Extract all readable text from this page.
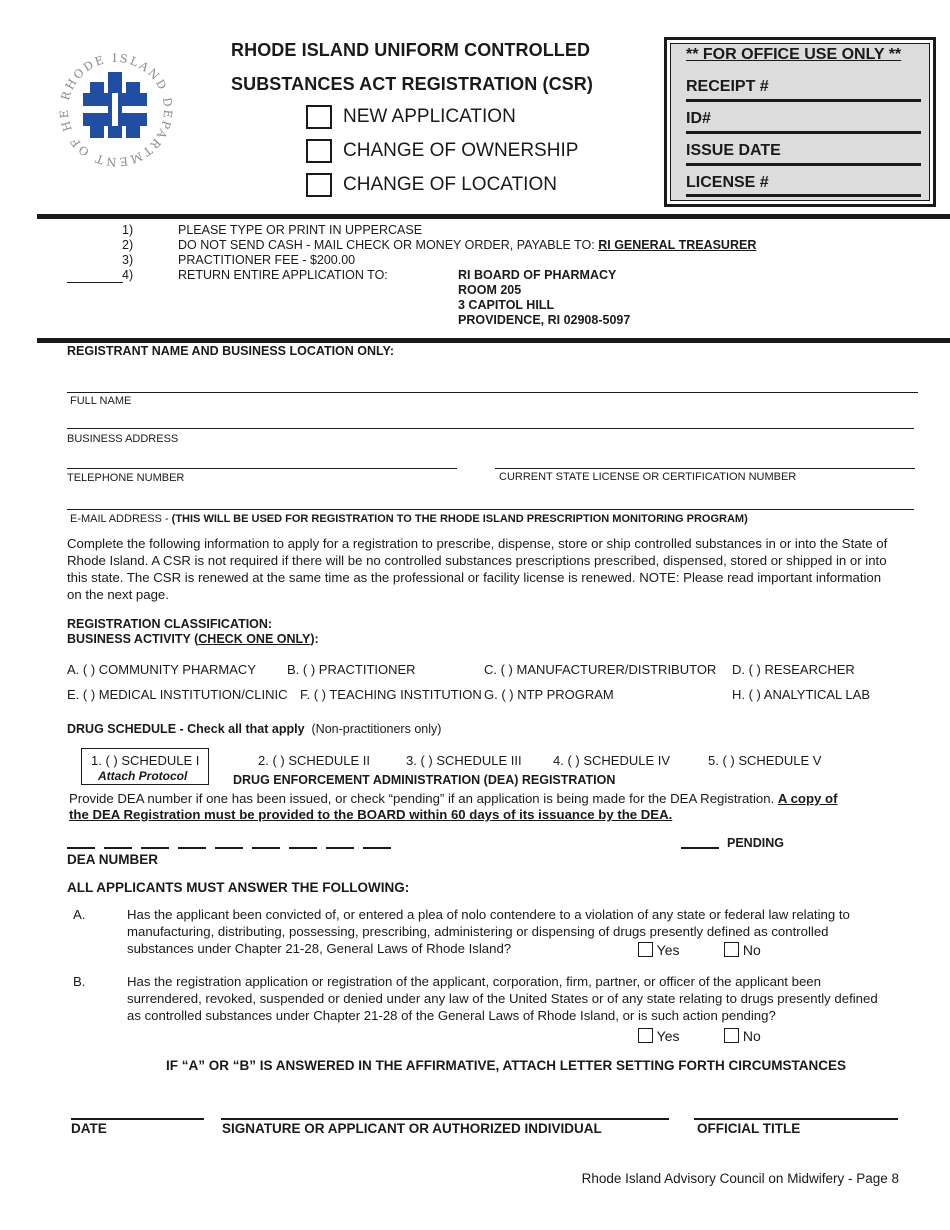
RHODE ISLAND DEPARTMENT OF HE
RHODE ISLAND UNIFORM CONTROLLED
SUBSTANCES ACT REGISTRATION (CSR)
NEW APPLICATION
CHANGE OF OWNERSHIP
CHANGE OF LOCATION
** FOR OFFICE USE ONLY **
RECEIPT #
ID#
ISSUE DATE
LICENSE #
1)	PLEASE TYPE OR PRINT IN UPPERCASE
2)	DO NOT SEND CASH - MAIL CHECK OR MONEY ORDER, PAYABLE TO: RI GENERAL TREASURER
3)	PRACTITIONER FEE - $200.00
4)	RETURN ENTIRE APPLICATION TO:	RI BOARD OF PHARMACY
ROOM 205
3 CAPITOL HILL
PROVIDENCE, RI 02908-5097
REGISTRANT NAME AND BUSINESS LOCATION ONLY:
FULL NAME
BUSINESS ADDRESS
TELEPHONE NUMBER	CURRENT STATE LICENSE OR CERTIFICATION NUMBER
E-MAIL ADDRESS - (THIS WILL BE USED FOR REGISTRATION TO THE RHODE ISLAND PRESCRIPTION MONITORING PROGRAM)
Complete the following information to apply for a registration to prescribe, dispense, store or ship controlled substances in or into the State of Rhode Island. A CSR is not required if there will be no controlled substances prescriptions prescribed, dispensed, stored or shipped in or into this state. The CSR is renewed at the same time as the professional or facility license is renewed. NOTE: Please read important information on the next page.
REGISTRATION CLASSIFICATION:
BUSINESS ACTIVITY (CHECK ONE ONLY):
A. ( ) COMMUNITY PHARMACY B. ( ) PRACTITIONER	C. ( ) MANUFACTURER/DISTRIBUTOR D. ( ) RESEARCHER
E. ( ) MEDICAL INSTITUTION/CLINIC F. ( ) TEACHING INSTITUTION G. ( ) NTP PROGRAM	H. ( ) ANALYTICAL LAB
DRUG SCHEDULE - Check all that apply (Non-practitioners only)
1. ( ) SCHEDULE I
Attach Protocol
2. ( ) SCHEDULE II	3. ( ) SCHEDULE III 4. ( ) SCHEDULE IV	5. ( ) SCHEDULE V
DRUG ENFORCEMENT ADMINISTRATION (DEA) REGISTRATION
Provide DEA number if one has been issued, or check “pending” if an application is being made for the DEA Registration. A copy of
the DEA Registration must be provided to the BOARD within 60 days of its issuance by the DEA.
PENDING
DEA NUMBER
ALL APPLICANTS MUST ANSWER THE FOLLOWING:
A.	Has the applicant been convicted of, or entered a plea of nolo contendere to a violation of any state or federal law relating to manufacturing, distributing, possessing, prescribing, administering or dispensing of drugs presently defined as controlled substances under Chapter 21-28, General Laws of Rhode Island?	Yes	No
B.	Has the registration application or registration of the applicant, corporation, firm, partner, or officer of the applicant been surrendered, revoked, suspended or denied under any law of the United States or of any state relating to drugs presently defined as controlled substances under Chapter 21-28 of the General Laws of Rhode Island, or is such action pending?
Yes	No
IF “A” OR “B” IS ANSWERED IN THE AFFIRMATIVE, ATTACH LETTER SETTING FORTH CIRCUMSTANCES
DATE	SIGNATURE OR APPLICANT OR AUTHORIZED INDIVIDUAL	OFFICIAL TITLE
Rhode Island Advisory Council on Midwifery - Page 8
